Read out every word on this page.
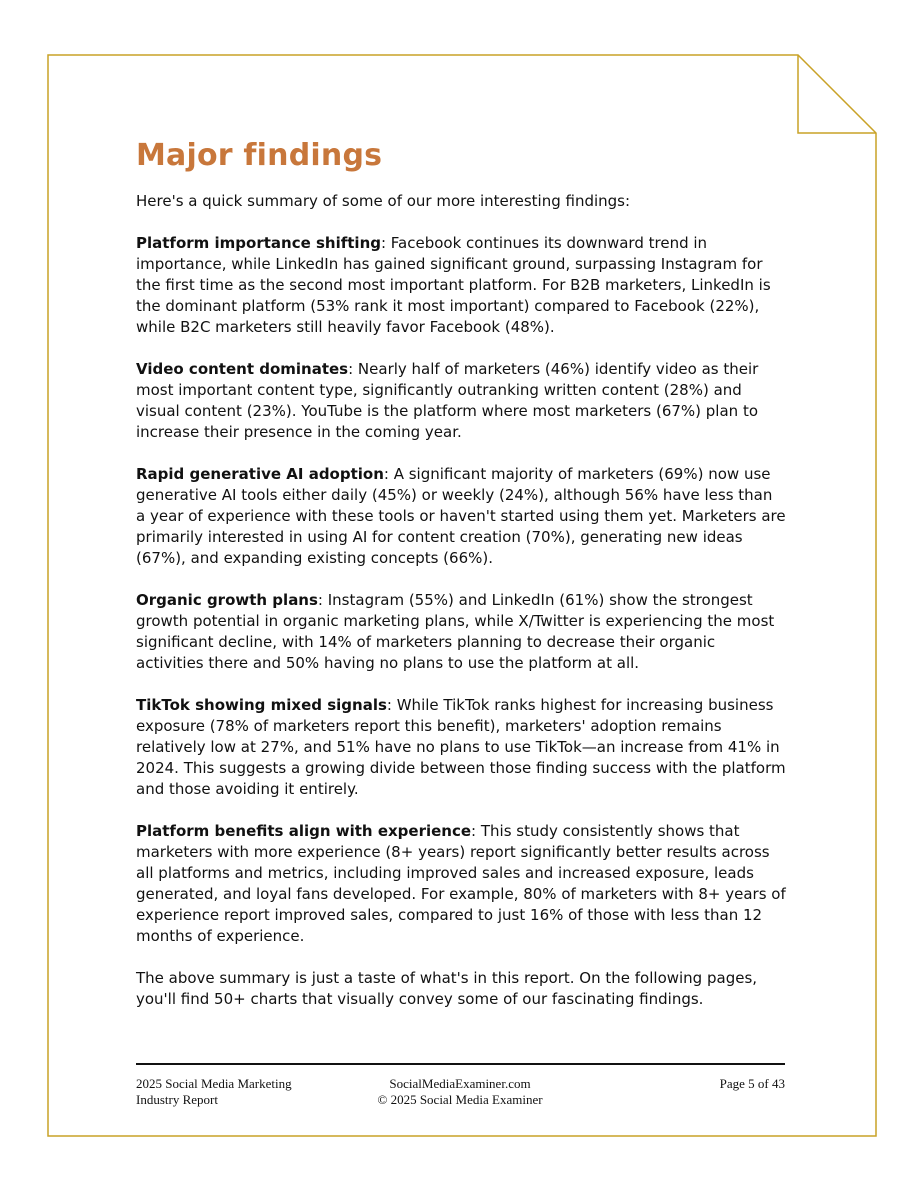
Major findings

Here's a quick summary of some of our more interesting findings:

Platform importance shifting: Facebook continues its downward trend in importance, while LinkedIn has gained significant ground, surpassing Instagram for the first time as the second most important platform. For B2B marketers, LinkedIn is the dominant platform (53% rank it most important) compared to Facebook (22%), while B2C marketers still heavily favor Facebook (48%).

Video content dominates: Nearly half of marketers (46%) identify video as their most important content type, significantly outranking written content (28%) and visual content (23%). YouTube is the platform where most marketers (67%) plan to increase their presence in the coming year.

Rapid generative AI adoption: A significant majority of marketers (69%) now use generative AI tools either daily (45%) or weekly (24%), although 56% have less than a year of experience with these tools or haven't started using them yet. Marketers are primarily interested in using AI for content creation (70%), generating new ideas (67%), and expanding existing concepts (66%).

Organic growth plans: Instagram (55%) and LinkedIn (61%) show the strongest growth potential in organic marketing plans, while X/Twitter is experiencing the most significant decline, with 14% of marketers planning to decrease their organic activities there and 50% having no plans to use the platform at all.

TikTok showing mixed signals: While TikTok ranks highest for increasing business exposure (78% of marketers report this benefit), marketers' adoption remains relatively low at 27%, and 51% have no plans to use TikTok—an increase from 41% in 2024. This suggests a growing divide between those finding success with the platform and those avoiding it entirely.

Platform benefits align with experience: This study consistently shows that marketers with more experience (8+ years) report significantly better results across all platforms and metrics, including improved sales and increased exposure, leads generated, and loyal fans developed. For example, 80% of marketers with 8+ years of experience report improved sales, compared to just 16% of those with less than 12 months of experience.

The above summary is just a taste of what's in this report. On the following pages, you'll find 50+ charts that visually convey some of our fascinating findings.

2025 Social Media Marketing
Industry Report
SocialMediaExaminer.com
© 2025 Social Media Examiner
Page 5 of 43
